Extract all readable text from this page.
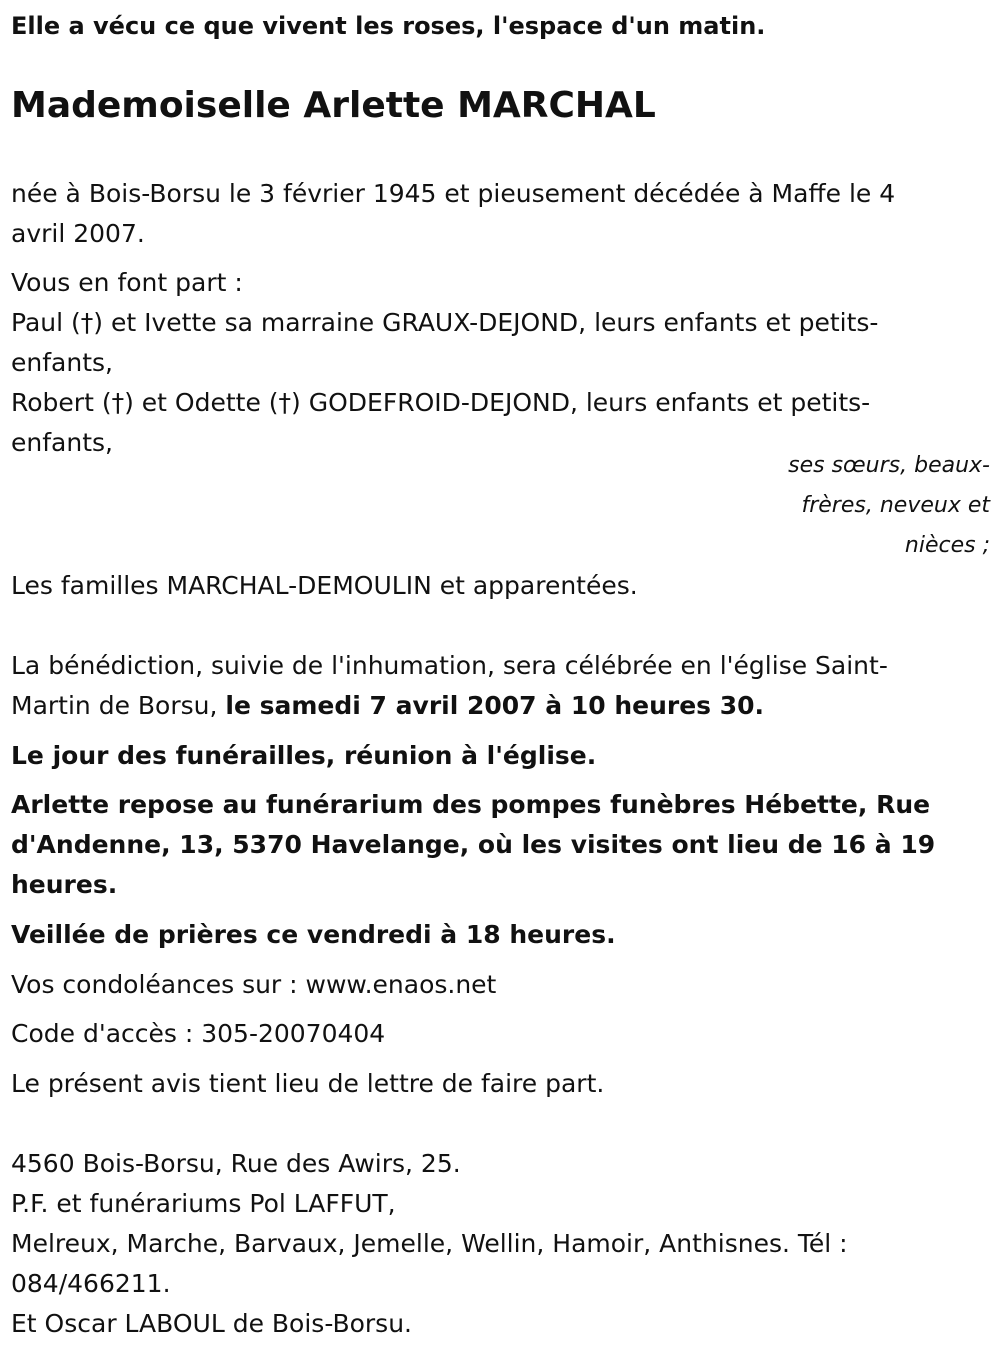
Elle a vécu ce que vivent les roses, l'espace d'un matin.

Mademoiselle Arlette MARCHAL

née à Bois-Borsu le 3 février 1945 et pieusement décédée à Maffe le 4

avril 2007.

Vous en font part :

Paul (†) et Ivette sa marraine GRAUX-DEJOND, leurs enfants et petits-

enfants,

Robert (†) et Odette (†) GODEFROID-DEJOND, leurs enfants et petits-

enfants,

ses sœurs, beaux-

frères, neveux et

nièces ;

Les familles MARCHAL-DEMOULIN et apparentées.

La bénédiction, suivie de l'inhumation, sera célébrée en l'église Saint-

Martin de Borsu, le samedi 7 avril 2007 à 10 heures 30.

Le jour des funérailles, réunion à l'église.

Arlette repose au funérarium des pompes funèbres Hébette, Rue

d'Andenne, 13, 5370 Havelange, où les visites ont lieu de 16 à 19

heures.

Veillée de prières ce vendredi à 18 heures.

Vos condoléances sur : www.enaos.net

Code d'accès : 305-20070404

Le présent avis tient lieu de lettre de faire part.

4560 Bois-Borsu, Rue des Awirs, 25.

P.F. et funérariums Pol LAFFUT,

Melreux, Marche, Barvaux, Jemelle, Wellin, Hamoir, Anthisnes. Tél :

084/466211.

Et Oscar LABOUL de Bois-Borsu.
